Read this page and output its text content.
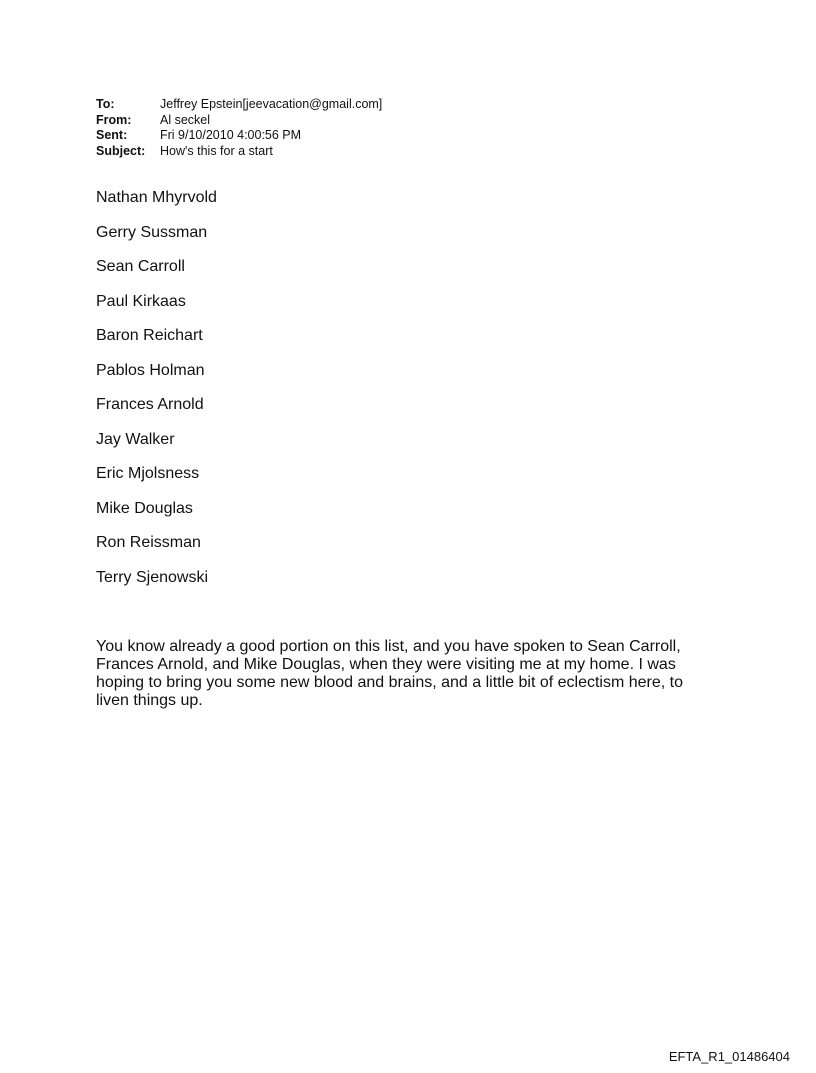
To:	Jeffrey Epstein[jeevacation@gmail.com]
From:	Al seckel
Sent:	Fri 9/10/2010 4:00:56 PM
Subject:	How's this for a start
Nathan Mhyrvold
Gerry Sussman
Sean Carroll
Paul Kirkaas
Baron Reichart
Pablos Holman
Frances Arnold
Jay Walker
Eric Mjolsness
Mike Douglas
Ron Reissman
Terry Sjenowski

You know already a good portion on this list, and you have spoken to Sean Carroll, Frances Arnold, and Mike Douglas, when they were visiting me at my home. I was hoping to bring you some new blood and brains, and a little bit of eclectism here, to liven things up.

EFTA_R1_01486404
